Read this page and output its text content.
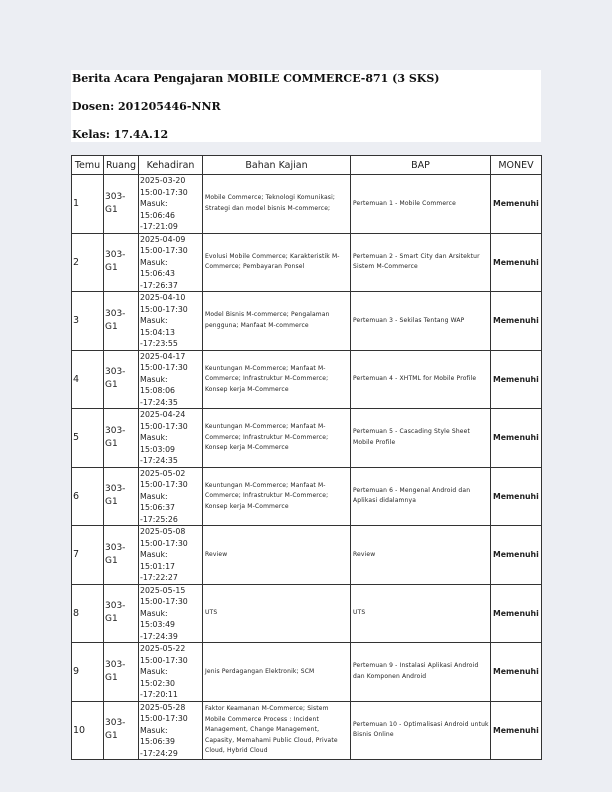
Berita Acara Pengajaran MOBILE COMMERCE-871 (3 SKS)
Dosen: 201205446-NNR
Kelas: 17.4A.12
Temu	Ruang	Kehadiran	Bahan Kajian	BAP	MONEV
1	303-G1	2025-03-20
15:00-17:30
Masuk: 15:06:46
-17:21:09	Mobile Commerce; Teknologi Komunikasi; Strategi dan model bisnis M-commerce;	Pertemuan 1 - Mobile Commerce	Memenuhi
2	303-G1	2025-04-09
15:00-17:30
Masuk: 15:06:43
-17:26:37	Evolusi Mobile Commerce; Karakteristik M-Commerce; Pembayaran Ponsel	Pertemuan 2 - Smart City dan Arsitektur Sistem M-Commerce	Memenuhi
3	303-G1	2025-04-10
15:00-17:30
Masuk: 15:04:13
-17:23:55	Model Bisnis M-commerce; Pengalaman pengguna; Manfaat M-commerce	Pertemuan 3 - Sekilas Tentang WAP	Memenuhi
4	303-G1	2025-04-17
15:00-17:30
Masuk: 15:08:06
-17:24:35	Keuntungan M-Commerce; Manfaat M-Commerce; Infrastruktur M-Commerce; Konsep kerja M-Commerce	Pertemuan 4 - XHTML for Mobile Profile	Memenuhi
5	303-G1	2025-04-24
15:00-17:30
Masuk: 15:03:09
-17:24:35	Keuntungan M-Commerce; Manfaat M-Commerce; Infrastruktur M-Commerce; Konsep kerja M-Commerce	Pertemuan 5 - Cascading Style Sheet Mobile Profile	Memenuhi
6	303-G1	2025-05-02
15:00-17:30
Masuk: 15:06:37
-17:25:26	Keuntungan M-Commerce; Manfaat M-Commerce; Infrastruktur M-Commerce; Konsep kerja M-Commerce	Pertemuan 6 - Mengenal Android dan Aplikasi didalamnya	Memenuhi
7	303-G1	2025-05-08
15:00-17:30
Masuk: 15:01:17
-17:22:27	Review	Review	Memenuhi
8	303-G1	2025-05-15
15:00-17:30
Masuk: 15:03:49
-17:24:39	UTS	UTS	Memenuhi
9	303-G1	2025-05-22
15:00-17:30
Masuk: 15:02:30
-17:20:11	Jenis Perdagangan Elektronik; SCM	Pertemuan 9 - Instalasi Aplikasi Android dan Komponen Android	Memenuhi
10	303-G1	2025-05-28
15:00-17:30
Masuk: 15:06:39
-17:24:29	Faktor Keamanan M-Commerce; Sistem Mobile Commerce Process : Incident Management, Change Management, Capasity, Memahami Public Cloud, Private Cloud, Hybrid Cloud	Pertemuan 10 - Optimalisasi Android untuk Bisnis Online	Memenuhi
